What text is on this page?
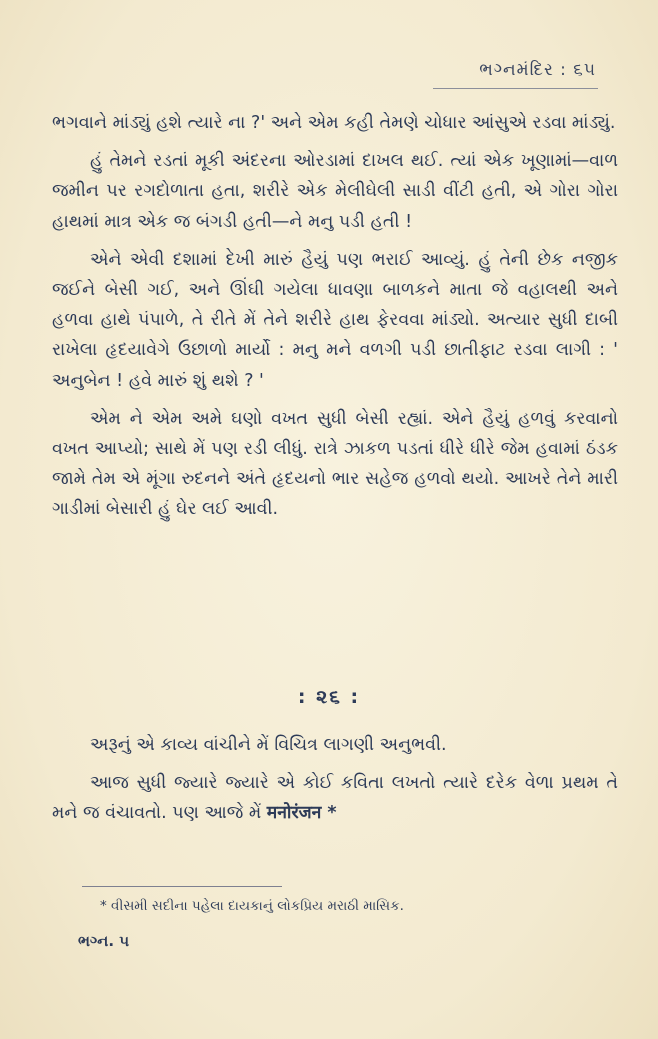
ભગ્નમંદિર : ૬૫

ભગવાને માંડ્યું હશે ત્યારે ના ?' અને એમ કહી તેમણે ચોધાર આંસુએ રડવા માંડ્યું.

હું તેમને રડતાં મૂકી અંદરના ઓરડામાં દાખલ થઈ. ત્યાં એક ખૂણામાં—વાળ જમીન પર રગદોળાતા હતા, શરીરે એક મેલીઘેલી સાડી વીંટી હતી, એ ગોરા ગોરા હાથમાં માત્ર એક જ બંગડી હતી—ને મનુ પડી હતી !

એને એવી દશામાં દેખી મારું હૈયું પણ ભરાઈ આવ્યું. હું તેની છેક નજીક જઈને બેસી ગઈ, અને ઊંઘી ગયેલા ધાવણા બાળકને માતા જે વહાલથી અને હળવા હાથે પંપાળે, તે રીતે મેં તેને શરીરે હાથ ફેરવવા માંડ્યો. અત્યાર સુધી દાબી રાખેલા હૃદયાવેગે ઉછાળો માર્યો : મનુ મને વળગી પડી છાતીફાટ રડવા લાગી : ' અનુબેન ! હવે મારું શું થશે ? '

એમ ને એમ અમે ઘણો વખત સુધી બેસી રહ્યાં. એને હૈયું હળવું કરવાનો વખત આપ્યો; સાથે મેં પણ રડી લીધું. રાત્રે ઝાકળ પડતાં ધીરે ધીરે જેમ હવામાં ઠંડક જામે તેમ એ મૂંગા રુદનને અંતે હૃદયનો ભાર સહેજ હળવો થયો. આખરે તેને મારી ગાડીમાં બેસારી હું ઘેર લઈ આવી.

: ૨૬ :

અરૂનું એ કાવ્ય વાંચીને મેં વિચિત્ર લાગણી અનુભવી.

આજ સુધી જ્યારે જ્યારે એ કોઈ કવિતા લખતો ત્યારે દરેક વેળા પ્રથમ તે મને જ વંચાવતો. પણ આજે મેં मनोरंजन *

* વીસમી સદીના પહેલા દાયકાનું લોકપ્રિય મરાઠી માસિક.
ભગ્ન. ૫
